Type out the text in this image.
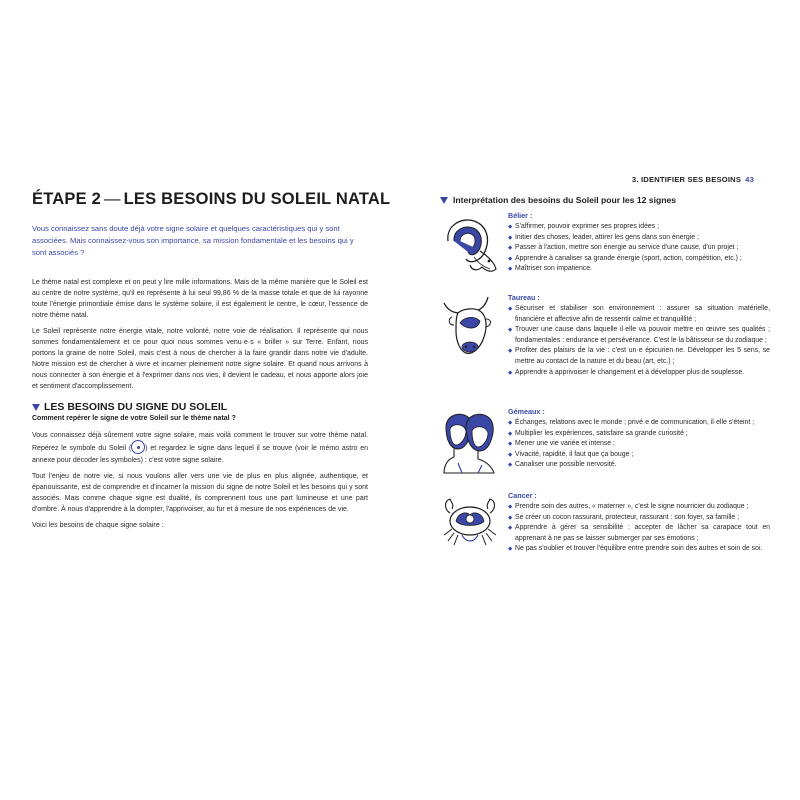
3. IDENTIFIER SES BESOINS 43
ÉTAPE 2 — LES BESOINS DU SOLEIL NATAL

Vous connaissez sans doute déjà votre signe solaire et quelques caractéristiques qui y sont associées. Mais connaissez-vous son importance, sa mission fondamentale et les besoins qui y sont associés ?

Le thème natal est complexe et on peut y lire mille informations. Mais de la même manière que le Soleil est au centre de notre système, qu'il en représente à lui seul 99,86 % de la masse totale et que de lui rayonne toute l'énergie primordiale émise dans le système solaire, il est également le centre, le cœur, l'essence de notre thème natal.

Le Soleil représente notre énergie vitale, notre volonté, notre voie de réalisation. Il représente qui nous sommes fondamentalement et ce pour quoi nous sommes venu·e·s « briller » sur Terre. Enfant, nous portons la graine de notre Soleil, mais c'est à nous de chercher à la faire grandir dans notre vie d'adulte. Notre mission est de chercher à vivre et incarner pleinement notre signe solaire. Et quand nous arrivons à nous connecter à son énergie et à l'exprimer dans nos vies, il devient le cadeau, et nous apporte alors joie et sentiment d'accomplissement.

LES BESOINS DU SIGNE DU SOLEIL

Comment repérer le signe de votre Soleil sur le thème natal ?

Vous connaissez déjà sûrement votre signe solaire, mais voilà comment le trouver sur votre thème natal. Repérez le symbole du Soleil ( ) et regardez le signe dans lequel il se trouve (voir le mémo astro en annexe pour décoder les symboles) : c'est votre signe solaire.

Tout l'enjeu de notre vie, si nous voulons aller vers une vie de plus en plus alignée, authentique, et épanouissante, est de comprendre et d'incarner la mission du signe de notre Soleil et les besoins qui y sont associés. Mais comme chaque signe est dualité, ils comprennent tous une part lumineuse et une part d'ombre. À nous d'apprendre à la dompter, l'apprivoiser, au fur et à mesure de nos expériences de vie.

Voici les besoins de chaque signe solaire :

Interprétation des besoins du Soleil pour les 12 signes

Bélier :

◆ S'affirmer, pouvoir exprimer ses propres idées ;
◆ Initier des choses, leader, attirer les gens dans son énergie ;
◆ Passer à l'action, mettre son énergie au service d'une cause, d'un projet ;
◆ Apprendre à canaliser sa grande énergie (sport, action, compétition, etc.) ;
◆ Maîtriser son impatience.

Taureau :

◆ Sécuriser et stabiliser son environnement : assurer sa situation matérielle, financière et affective afin de ressentir calme et tranquillité ;
◆ Trouver une cause dans laquelle il·elle va pouvoir mettre en œuvre ses qualités ; fondamentales : endurance et persévérance. C'est le·la bâtisseur·se du zodiaque ;
◆ Profiter des plaisirs de la vie : c'est un·e épicurien·ne. Développer les 5 sens, se mettre au contact de la nature et du beau (art, etc.) ;
◆ Apprendre à apprivoiser le changement et à développer plus de souplesse.

Gémeaux :

◆ Échanges, relations avec le monde ; privé·e de communication, il·elle s'éteint ;
◆ Multiplier les expériences, satisfaire sa grande curiosité ;
◆ Mener une vie variée et intense ;
◆ Vivacité, rapidité, il faut que ça bouge ;
◆ Canaliser une possible nervosité.

Cancer :

◆ Prendre soin des autres, « materner », c'est le signe nourricier du zodiaque ;
◆ Se créer un cocon rassurant, protecteur, rassurant : son foyer, sa famille ;
◆ Apprendre à gérer sa sensibilité : accepter de lâcher sa carapace tout en apprenant à ne pas se laisser submerger par ses émotions ;
◆ Ne pas s'oublier et trouver l'équilibre entre prendre soin des autres et soin de soi.
